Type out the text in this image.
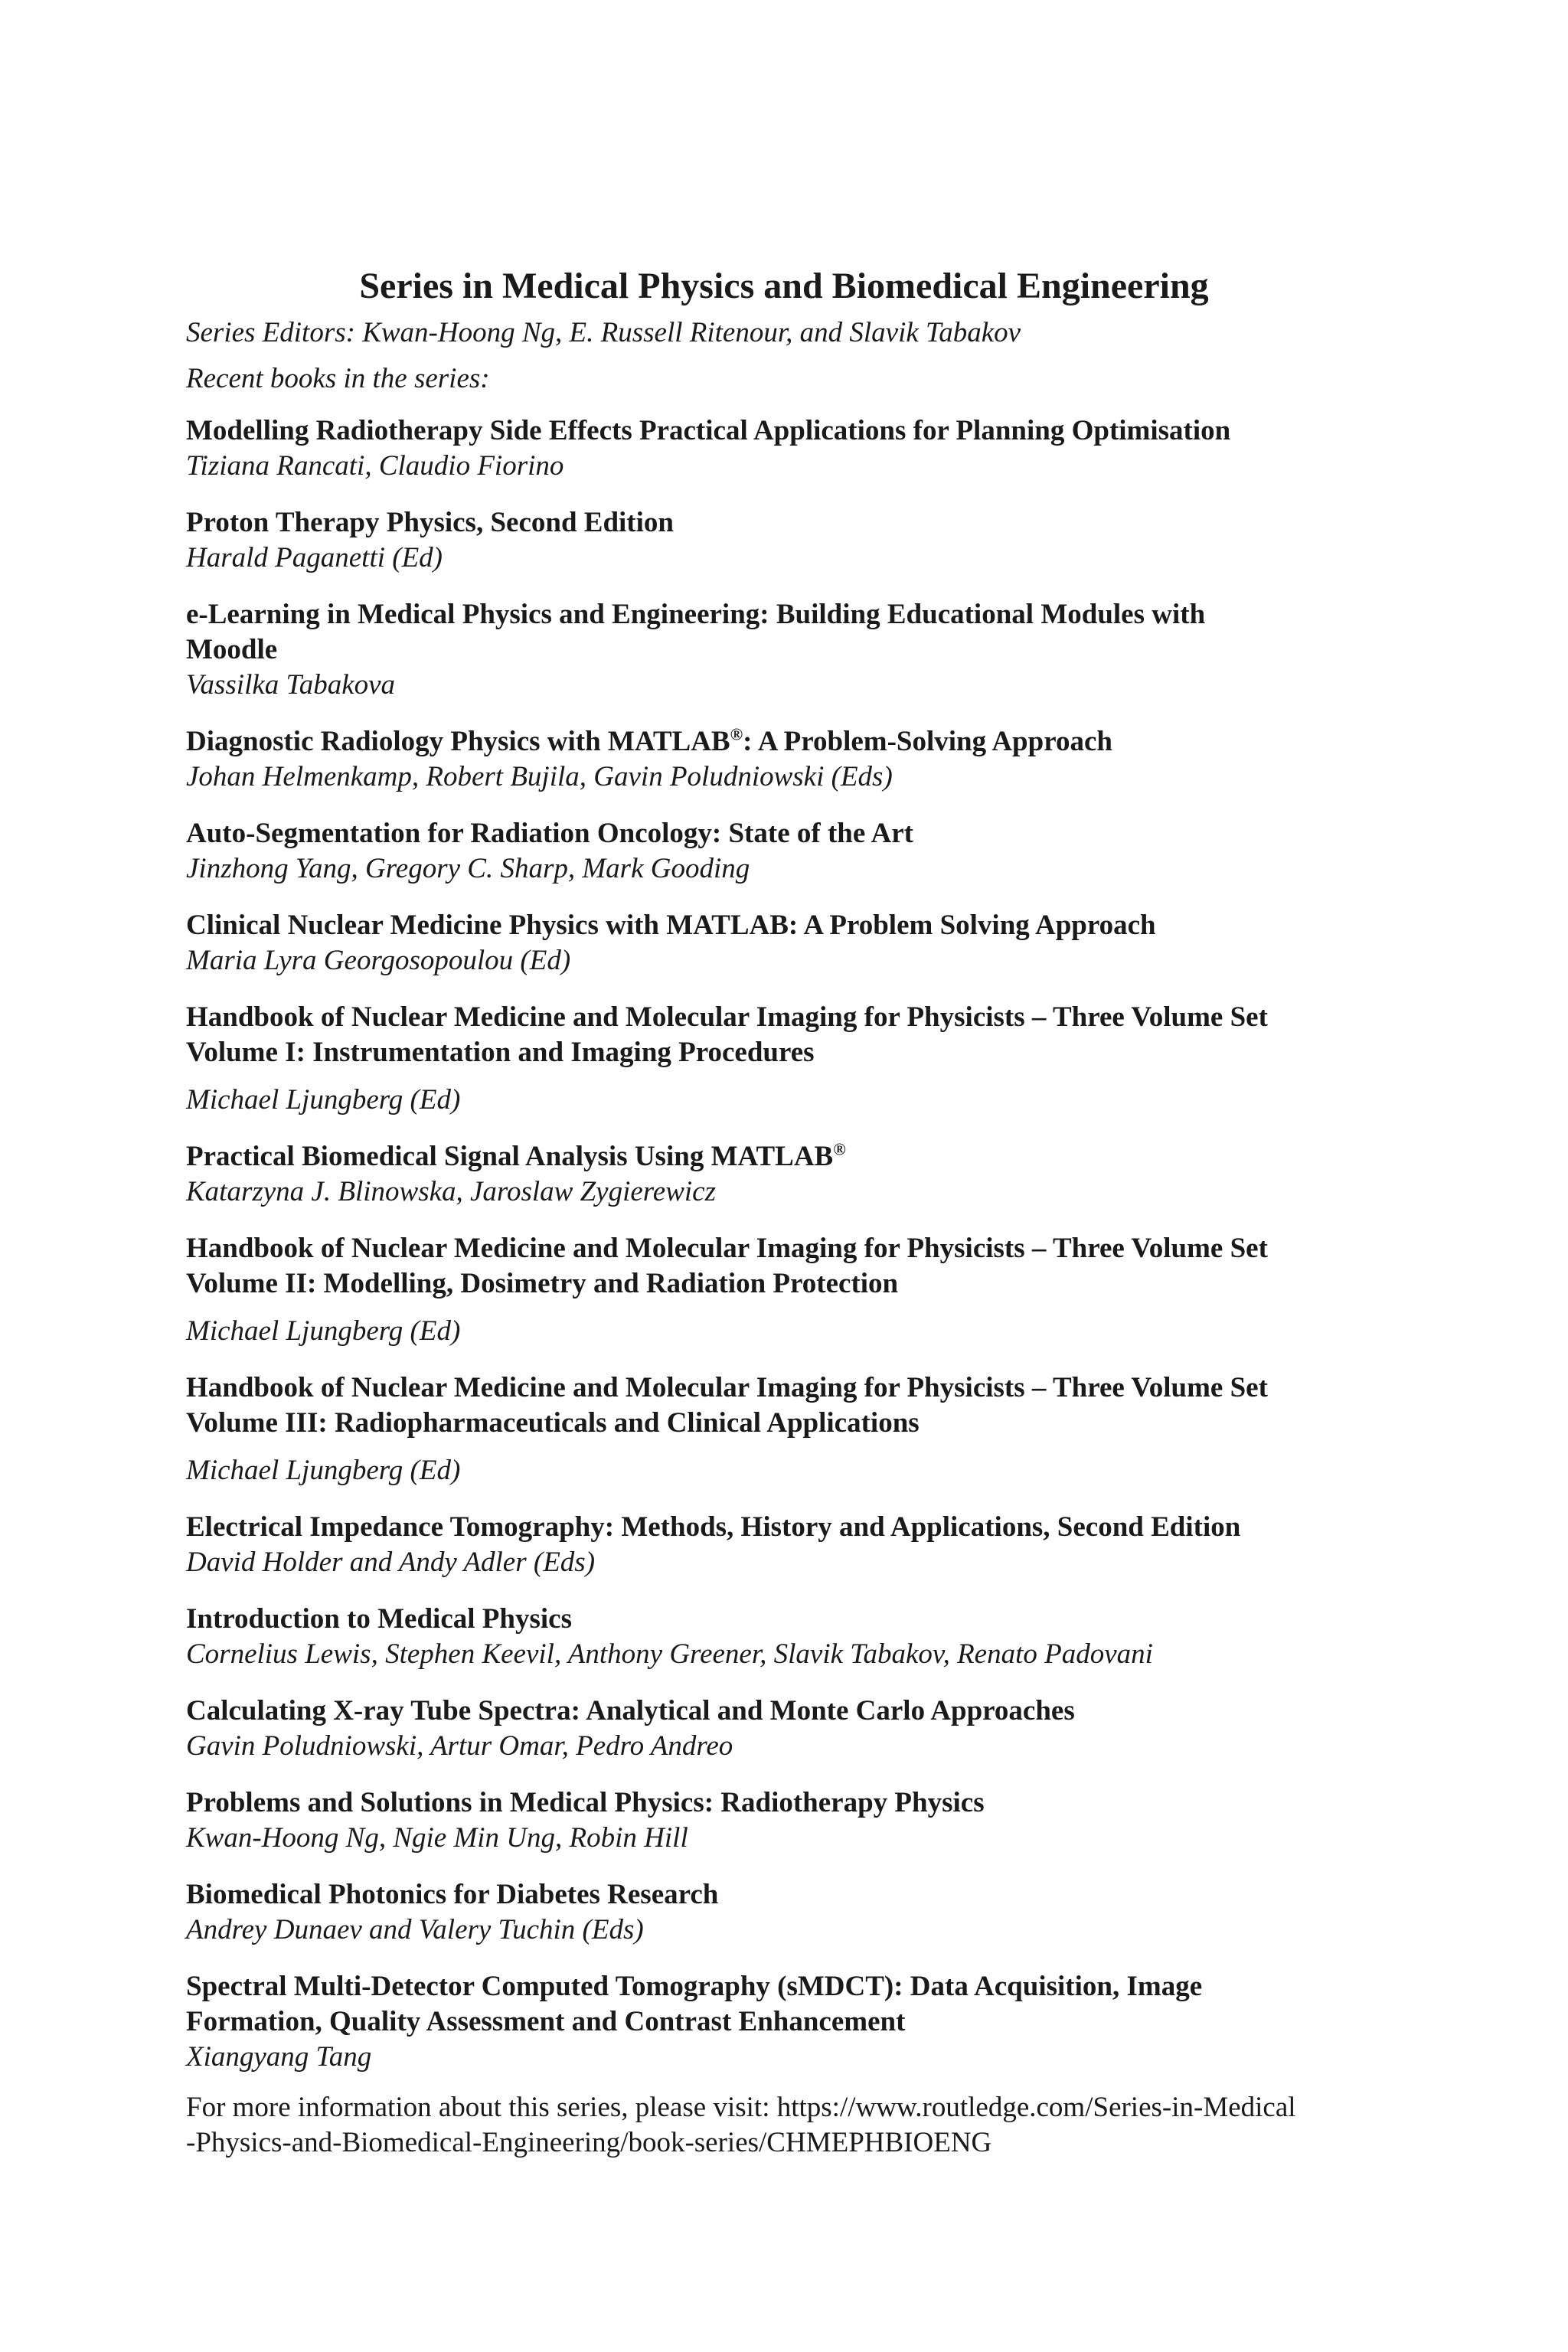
Series in Medical Physics and Biomedical Engineering

Series Editors: Kwan-Hoong Ng, E. Russell Ritenour, and Slavik Tabakov

Recent books in the series:

Modelling Radiotherapy Side Effects Practical Applications for Planning Optimisation

Tiziana Rancati, Claudio Fiorino

Proton Therapy Physics, Second Edition

Harald Paganetti (Ed)

e-Learning in Medical Physics and Engineering: Building Educational Modules with
Moodle

Vassilka Tabakova

Diagnostic Radiology Physics with MATLAB®: A Problem-Solving Approach

Johan Helmenkamp, Robert Bujila, Gavin Poludniowski (Eds)

Auto-Segmentation for Radiation Oncology: State of the Art

Jinzhong Yang, Gregory C. Sharp, Mark Gooding

Clinical Nuclear Medicine Physics with MATLAB: A Problem Solving Approach

Maria Lyra Georgosopoulou (Ed)

Handbook of Nuclear Medicine and Molecular Imaging for Physicists – Three Volume Set
Volume I: Instrumentation and Imaging Procedures

Michael Ljungberg (Ed)

Practical Biomedical Signal Analysis Using MATLAB®

Katarzyna J. Blinowska, Jaroslaw Zygierewicz

Handbook of Nuclear Medicine and Molecular Imaging for Physicists – Three Volume Set
Volume II: Modelling, Dosimetry and Radiation Protection

Michael Ljungberg (Ed)

Handbook of Nuclear Medicine and Molecular Imaging for Physicists – Three Volume Set
Volume III: Radiopharmaceuticals and Clinical Applications

Michael Ljungberg (Ed)

Electrical Impedance Tomography: Methods, History and Applications, Second Edition

David Holder and Andy Adler (Eds)

Introduction to Medical Physics

Cornelius Lewis, Stephen Keevil, Anthony Greener, Slavik Tabakov, Renato Padovani

Calculating X-ray Tube Spectra: Analytical and Monte Carlo Approaches

Gavin Poludniowski, Artur Omar, Pedro Andreo

Problems and Solutions in Medical Physics: Radiotherapy Physics

Kwan-Hoong Ng, Ngie Min Ung, Robin Hill

Biomedical Photonics for Diabetes Research

Andrey Dunaev and Valery Tuchin (Eds)

Spectral Multi-Detector Computed Tomography (sMDCT): Data Acquisition, Image
Formation, Quality Assessment and Contrast Enhancement

Xiangyang Tang

For more information about this series, please visit: https://www.routledge.com/Series-in-Medical
-Physics-and-Biomedical-Engineering/book-series/CHMEPHBIOENG
